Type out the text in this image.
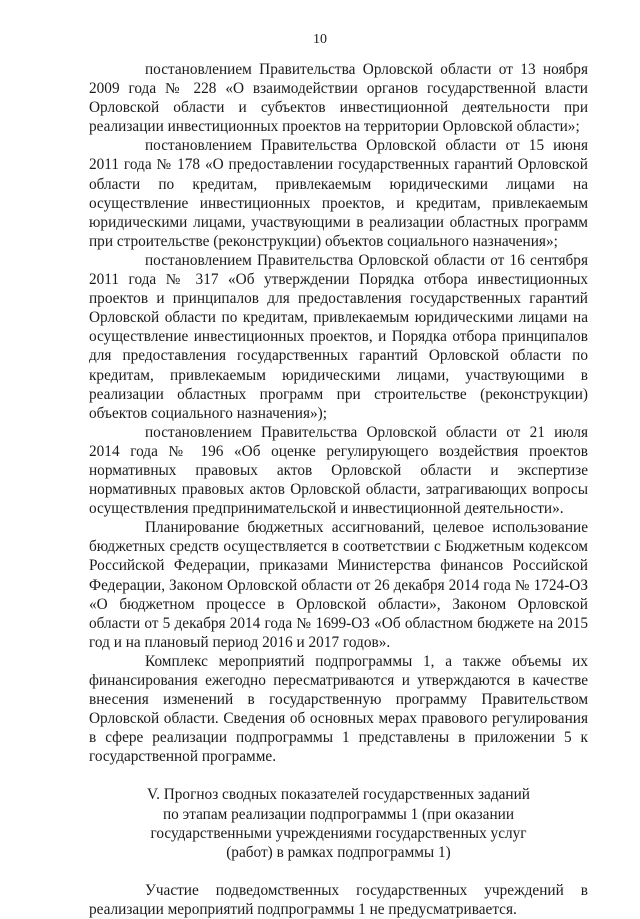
10

постановлением Правительства Орловской области от 13 ноября 2009 года № 228 «О взаимодействии органов государственной власти Орловской области и субъектов инвестиционной деятельности при реализации инвестиционных проектов на территории Орловской области»;

постановлением Правительства Орловской области от 15 июня 2011 года № 178 «О предоставлении государственных гарантий Орловской области по кредитам, привлекаемым юридическими лицами на осуществление инвестиционных проектов, и кредитам, привлекаемым юридическими лицами, участвующими в реализации областных программ при строительстве (реконструкции) объектов социального назначения»;

постановлением Правительства Орловской области от 16 сентября 2011 года № 317 «Об утверждении Порядка отбора инвестиционных проектов и принципалов для предоставления государственных гарантий Орловской области по кредитам, привлекаемым юридическими лицами на осуществление инвестиционных проектов, и Порядка отбора принципалов для предоставления государственных гарантий Орловской области по кредитам, привлекаемым юридическими лицами, участвующими в реализации областных программ при строительстве (реконструкции) объектов социального назначения»);

постановлением Правительства Орловской области от 21 июля 2014 года № 196 «Об оценке регулирующего воздействия проектов нормативных правовых актов Орловской области и экспертизе нормативных правовых актов Орловской области, затрагивающих вопросы осуществления предпринимательской и инвестиционной деятельности».

Планирование бюджетных ассигнований, целевое использование бюджетных средств осуществляется в соответствии с Бюджетным кодексом Российской Федерации, приказами Министерства финансов Российской Федерации, Законом Орловской области от 26 декабря 2014 года № 1724-ОЗ «О бюджетном процессе в Орловской области», Законом Орловской области от 5 декабря 2014 года № 1699-ОЗ «Об областном бюджете на 2015 год и на плановый период 2016 и 2017 годов».

Комплекс мероприятий подпрограммы 1, а также объемы их финансирования ежегодно пересматриваются и утверждаются в качестве внесения изменений в государственную программу Правительством Орловской области. Сведения об основных мерах правового регулирования в сфере реализации подпрограммы 1 представлены в приложении 5 к государственной программе.

V. Прогноз сводных показателей государственных заданий
по этапам реализации подпрограммы 1 (при оказании
государственными учреждениями государственных услуг
(работ) в рамках подпрограммы 1)

Участие подведомственных государственных учреждений в реализации мероприятий подпрограммы 1 не предусматривается.
